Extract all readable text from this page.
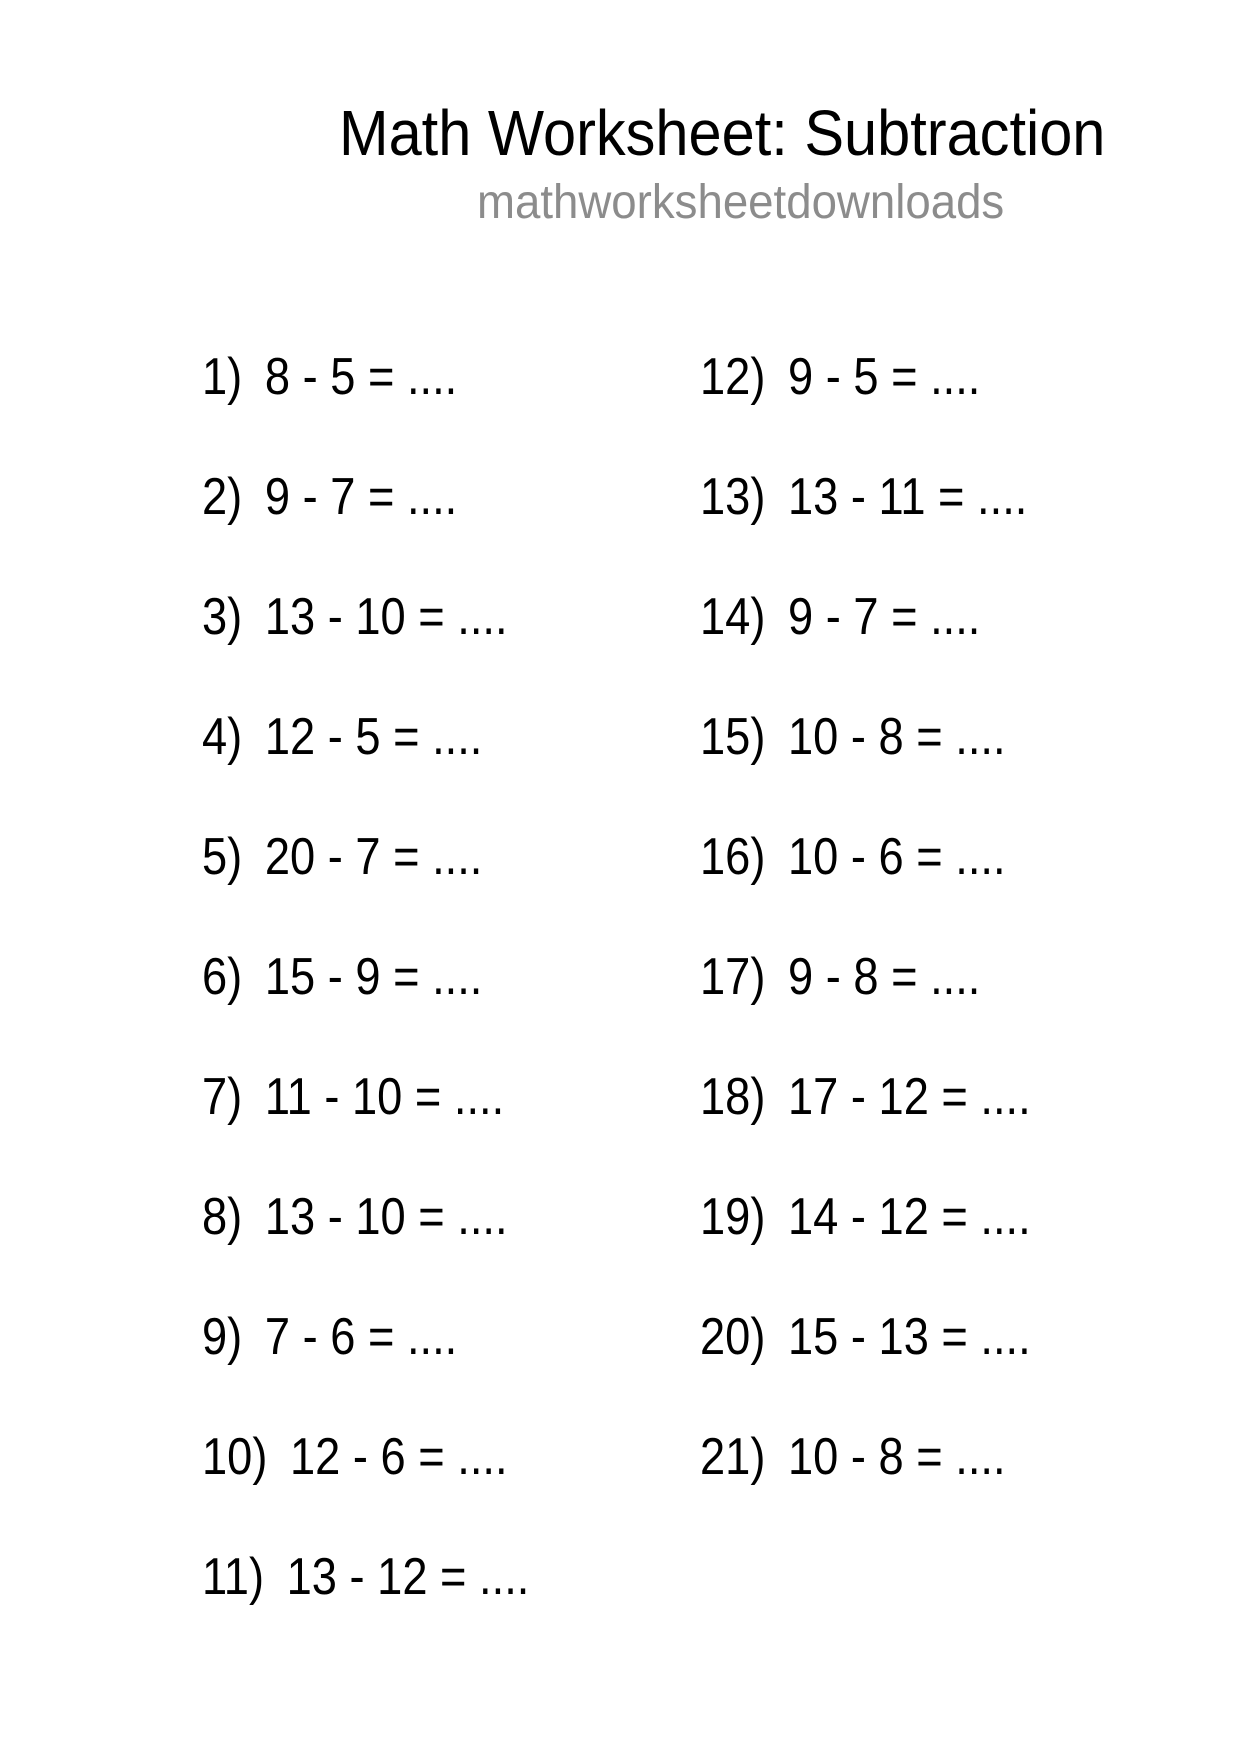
Math Worksheet: Subtraction
mathworksheetdownloads
1) 8 - 5 = ....
2) 9 - 7 = ....
3) 13 - 10 = ....
4) 12 - 5 = ....
5) 20 - 7 = ....
6) 15 - 9 = ....
7) 11 - 10 = ....
8) 13 - 10 = ....
9) 7 - 6 = ....
10) 12 - 6 = ....
11) 13 - 12 = ....
12) 9 - 5 = ....
13) 13 - 11 = ....
14) 9 - 7 = ....
15) 10 - 8 = ....
16) 10 - 6 = ....
17) 9 - 8 = ....
18) 17 - 12 = ....
19) 14 - 12 = ....
20) 15 - 13 = ....
21) 10 - 8 = ....
